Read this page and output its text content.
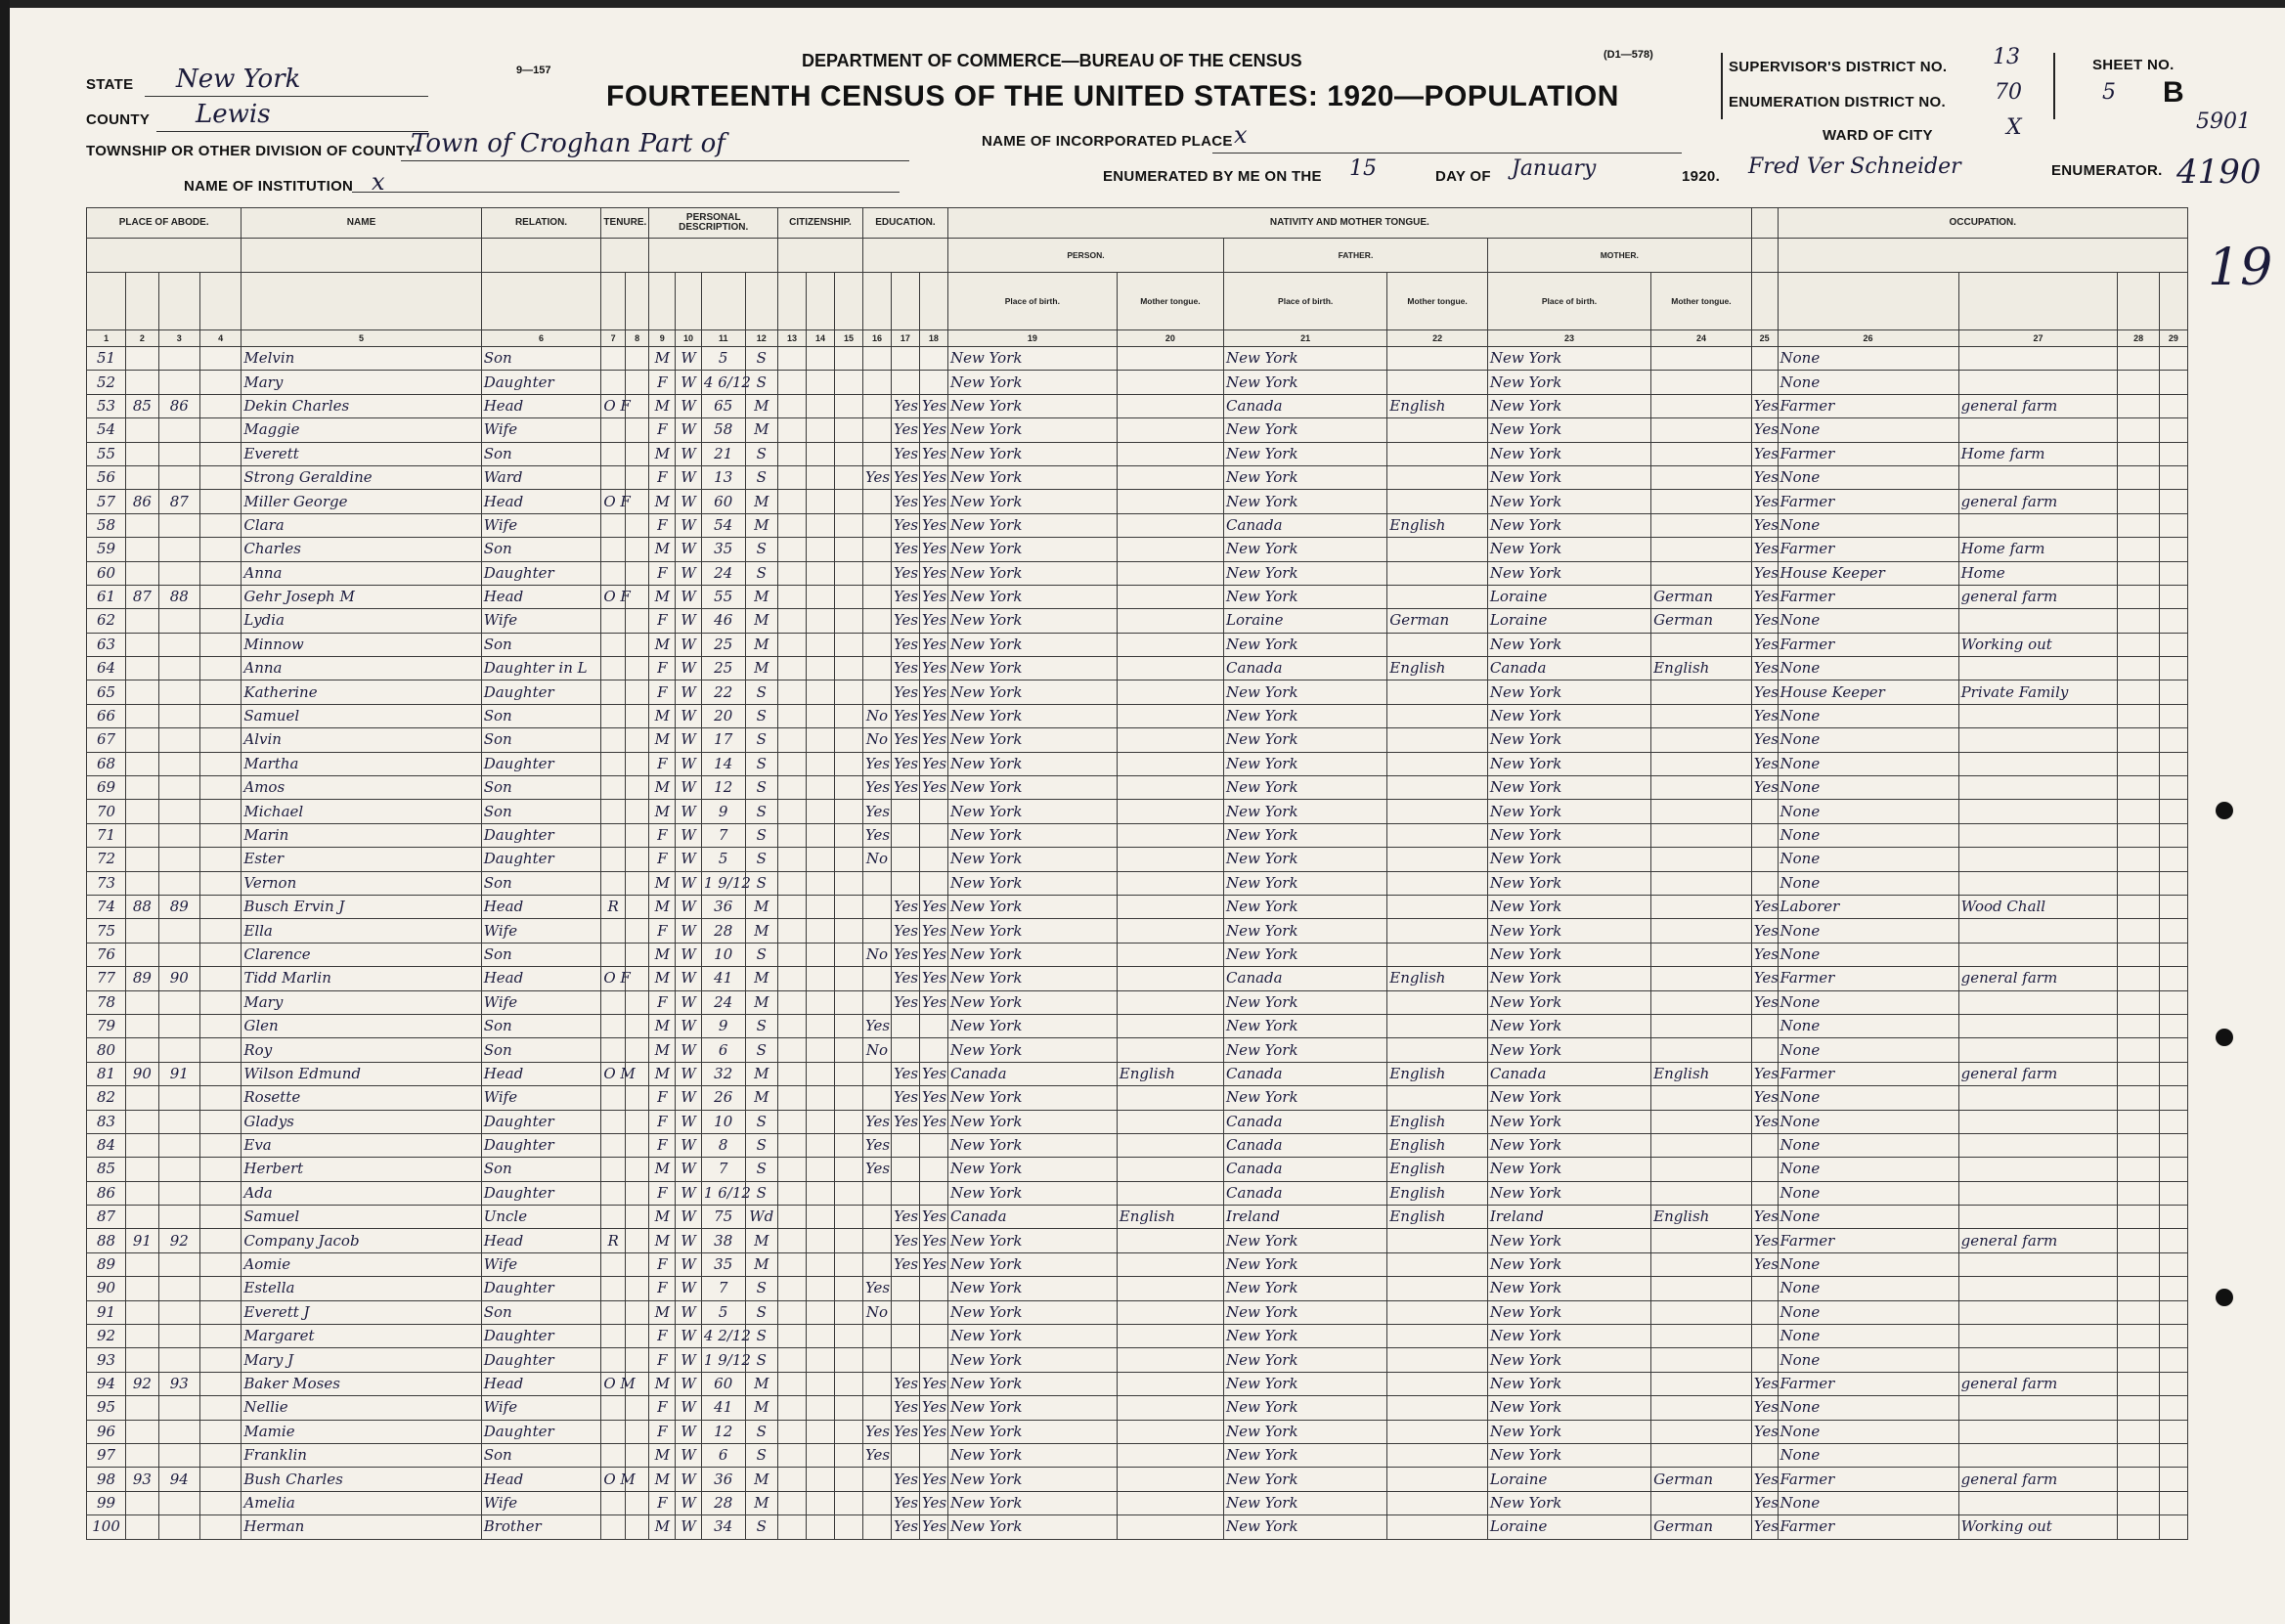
STATE New York
COUNTY Lewis
TOWNSHIP OR OTHER DIVISION OF COUNTY
Town of Croghan Part of
NAME OF INSTITUTION x
9—157	DEPARTMENT OF COMMERCE—BUREAU OF THE CENSUS	(D1—578)
FOURTEENTH CENSUS OF THE UNITED STATES: 1920—POPULATION
NAME OF INCORPORATED PLACE x
ENUMERATED BY ME ON THE 15	DAY OF January	1920. Fred Ver Schneider	ENUMERATOR.
SUPERVISOR'S DISTRICT NO. 13
ENUMERATION DISTRICT NO. 70
SHEET NO.
5 B
WARD OF CITY	X	5901
4190
19
PLACE OF ABODE.				NAME	RELATION.	TENURE.		PERSONAL DESCRIPTION.				CITIZENSHIP.			EDUCATION.			NATIVITY AND MOTHER TONGUE.							OCCUPATION.			
																		PERSON.		FATHER.		MOTHER.						
																		Place of birth.	Mother tongue.	Place of birth.	Mother tongue.	Place of birth.	Mother tongue.					
1	2	3	4	5	6	7	8	9	10	11	12	13	14	15	16	17	18	19	20	21	22	23	24	25	26	27	28	29
51				Melvin	Son			M	W	5	S							New York		New York		New York			None			
52				Mary	Daughter			F	W	4 6/12	S							New York		New York		New York			None			
53	85	86		Dekin Charles	Head	O F		M	W	65	M					Yes	Yes	New York		Canada	English	New York		Yes	Farmer	general farm		
54				Maggie	Wife			F	W	58	M					Yes	Yes	New York		New York		New York		Yes	None			
55				Everett	Son			M	W	21	S					Yes	Yes	New York		New York		New York		Yes	Farmer	Home farm		
56				Strong Geraldine	Ward			F	W	13	S				Yes	Yes	Yes	New York		New York		New York		Yes	None			
57	86	87		Miller George	Head	O F		M	W	60	M					Yes	Yes	New York		New York		New York		Yes	Farmer	general farm		
58				Clara	Wife			F	W	54	M					Yes	Yes	New York		Canada	English	New York		Yes	None			
59				Charles	Son			M	W	35	S					Yes	Yes	New York		New York		New York		Yes	Farmer	Home farm		
60				Anna	Daughter			F	W	24	S					Yes	Yes	New York		New York		New York		Yes	House Keeper	Home		
61	87	88		Gehr Joseph M	Head	O F		M	W	55	M					Yes	Yes	New York		New York		Loraine	German	Yes	Farmer	general farm		
62				Lydia	Wife			F	W	46	M					Yes	Yes	New York		Loraine	German	Loraine	German	Yes	None			
63				Minnow	Son			M	W	25	M					Yes	Yes	New York		New York		New York		Yes	Farmer	Working out		
64				Anna	Daughter in L			F	W	25	M					Yes	Yes	New York		Canada	English	Canada	English	Yes	None			
65				Katherine	Daughter			F	W	22	S					Yes	Yes	New York		New York		New York		Yes	House Keeper	Private Family		
66				Samuel	Son			M	W	20	S				No	Yes	Yes	New York		New York		New York		Yes	None			
67				Alvin	Son			M	W	17	S				No	Yes	Yes	New York		New York		New York		Yes	None			
68				Martha	Daughter			F	W	14	S				Yes	Yes	Yes	New York		New York		New York		Yes	None			
69				Amos	Son			M	W	12	S				Yes	Yes	Yes	New York		New York		New York		Yes	None			
70				Michael	Son			M	W	9	S				Yes			New York		New York		New York			None			
71				Marin	Daughter			F	W	7	S				Yes			New York		New York		New York			None			
72				Ester	Daughter			F	W	5	S				No			New York		New York		New York			None			
73				Vernon	Son			M	W	1 9/12	S							New York		New York		New York			None			
74	88	89		Busch Ervin J	Head	R		M	W	36	M					Yes	Yes	New York		New York		New York		Yes	Laborer	Wood Chall		
75				Ella	Wife			F	W	28	M					Yes	Yes	New York		New York		New York		Yes	None			
76				Clarence	Son			M	W	10	S				No	Yes	Yes	New York		New York		New York		Yes	None			
77	89	90		Tidd Marlin	Head	O F		M	W	41	M					Yes	Yes	New York		Canada	English	New York		Yes	Farmer	general farm		
78				Mary	Wife			F	W	24	M					Yes	Yes	New York		New York		New York		Yes	None			
79				Glen	Son			M	W	9	S				Yes			New York		New York		New York			None			
80				Roy	Son			M	W	6	S				No			New York		New York		New York			None			
81	90	91		Wilson Edmund	Head	O M		M	W	32	M					Yes	Yes	Canada	English	Canada	English	Canada	English	Yes	Farmer	general farm		
82				Rosette	Wife			F	W	26	M					Yes	Yes	New York		New York		New York		Yes	None			
83				Gladys	Daughter			F	W	10	S				Yes	Yes	Yes	New York		Canada	English	New York		Yes	None			
84				Eva	Daughter			F	W	8	S				Yes			New York		Canada	English	New York			None			
85				Herbert	Son			M	W	7	S				Yes			New York		Canada	English	New York			None			
86				Ada	Daughter			F	W	1 6/12	S							New York		Canada	English	New York			None			
87				Samuel	Uncle			M	W	75	Wd					Yes	Yes	Canada	English	Ireland	English	Ireland	English	Yes	None			
88	91	92		Company Jacob	Head	R		M	W	38	M					Yes	Yes	New York		New York		New York		Yes	Farmer	general farm		
89				Aomie	Wife			F	W	35	M					Yes	Yes	New York		New York		New York		Yes	None			
90				Estella	Daughter			F	W	7	S				Yes			New York		New York		New York			None			
91				Everett J	Son			M	W	5	S				No			New York		New York		New York			None			
92				Margaret	Daughter			F	W	4 2/12	S							New York		New York		New York			None			
93				Mary J	Daughter			F	W	1 9/12	S							New York		New York		New York			None			
94	92	93		Baker Moses	Head	O M		M	W	60	M					Yes	Yes	New York		New York		New York		Yes	Farmer	general farm		
95				Nellie	Wife			F	W	41	M					Yes	Yes	New York		New York		New York		Yes	None			
96				Mamie	Daughter			F	W	12	S				Yes	Yes	Yes	New York		New York		New York		Yes	None			
97				Franklin	Son			M	W	6	S				Yes			New York		New York		New York			None			
98	93	94		Bush Charles	Head	O M		M	W	36	M					Yes	Yes	New York		New York		Loraine	German	Yes	Farmer	general farm		
99				Amelia	Wife			F	W	28	M					Yes	Yes	New York		New York		New York		Yes	None			
100				Herman	Brother			M	W	34	S					Yes	Yes	New York		New York		Loraine	German	Yes	Farmer	Working out		
